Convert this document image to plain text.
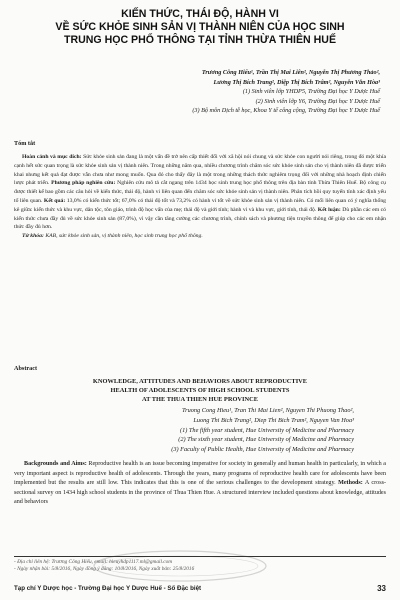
KIẾN THỨC, THÁI ĐỘ, HÀNH VI
VỀ SỨC KHỎE SINH SẢN VỊ THÀNH NIÊN CỦA HỌC SINH
TRUNG HỌC PHỔ THÔNG TẠI TỈNH THỪA THIÊN HUẾ
Trương Công Hiếu¹, Trần Thị Mai Liên², Nguyễn Thị Phương Thảo²,
Lương Thị Bích Trang², Diệp Thị Bích Trâm², Nguyễn Văn Hòa³
(1) Sinh viên lớp YHDP5, Trường Đại học Y Dược Huế
(2) Sinh viên lớp Y6, Trường Đại học Y Dược Huế
(3) Bộ môn Dịch tễ học, Khoa Y tế công cộng, Trường Đại học Y Dược Huế
Tóm tắt
Hoàn cảnh và mục đích: Sức khỏe sinh sản đang là một vấn đề trở nên cấp thiết đối với xã hội nói chung và sức khỏe con người nói riêng, trong đó một khía cạnh hết sức quan trọng là sức khỏe sinh sản vị thành niên. Trong những năm qua, nhiều chương trình chăm sóc sức khỏe sinh sản cho vị thành niên đã được triển khai nhưng kết quả đạt được vẫn chưa như mong muốn. Qua đó cho thấy đây là một trong những thách thức nghiêm trọng đối với những nhà hoạch định chiến lược phát triển. Phương pháp nghiên cứu: Nghiên cứu mô tả cắt ngang trên 1434 học sinh trung học phổ thông trên địa bàn tỉnh Thừa Thiên Huế. Bộ công cụ được thiết kế bao gồm các câu hỏi về kiến thức, thái độ, hành vi liên quan đến chăm sóc sức khỏe sinh sản vị thành niên. Phân tích hồi quy tuyến tính xác định yếu tố liên quan. Kết quả: 13,0% có kiến thức tốt; 67,0% có thái độ tốt và 73,2% có hành vi tốt về sức khỏe sinh sản vị thành niên. Có mối liên quan có ý nghĩa thống kê giữa: kiến thức và khu vực, dân tộc, tôn giáo, trình độ học vấn của mẹ; thái độ và giới tính; hành vi và khu vực, giới tính, thái độ. Kết luận: Dù phần các em có kiến thức chưa đầy đủ về sức khỏe sinh sản (87,0%), vì vậy cần tăng cường các chương trình, chính sách và phương tiện truyền thông để giúp cho các em nhận thức đầy đủ hơn.
Từ khóa: KAB, sức khỏe sinh sản, vị thành niên, học sinh trung học phổ thông.
Abstract
KNOWLEDGE, ATTITUDES AND BEHAVIORS ABOUT REPRODUCTIVE
HEALTH OF ADOLESCENTS OF HIGH SCHOOL STUDENTS
AT THE THUA THIEN HUE PROVINCE
Truong Cong Hieu¹, Tran Thi Mai Lien², Nguyen Thi Phuong Thao²,
Luong Thi Bich Trang², Diep Thi Bich Tram², Nguyen Van Hoa³
(1) The fifth year student, Hue University of Medicine and Pharmacy
(2) The sixth year student, Hue University of Medicine and Pharmacy
(3) Faculty of Public Health, Hue University of Medicine and Pharmacy
Backgrounds and Aims: Reproductive health is an issue becoming imperative for society in generally and human health in particularly, in which a very important aspect is reproductive health of adolescents. Through the years, many programs of reproductive health care for adolescents have been implemented but the results are still low. This indicates that this is one of the serious challenges to the development strategy. Methods: A cross-sectional survey on 1434 high school students in the province of Thua Thien Hue. A structured interview included questions about knowledge, attitudes and behaviors
- Địa chỉ liên hệ: Trương Công Hiếu, email: hieuyhdp1117.ml@gmail.com
- Ngày nhận bài: 5/8/2016, Ngày đồng ý đăng: 10/8/2016, Ngày xuất bản: 25/8/2016
Tạp chí Y Dược học - Trường Đại học Y Dược Huế - Số Đặc biệt	33
